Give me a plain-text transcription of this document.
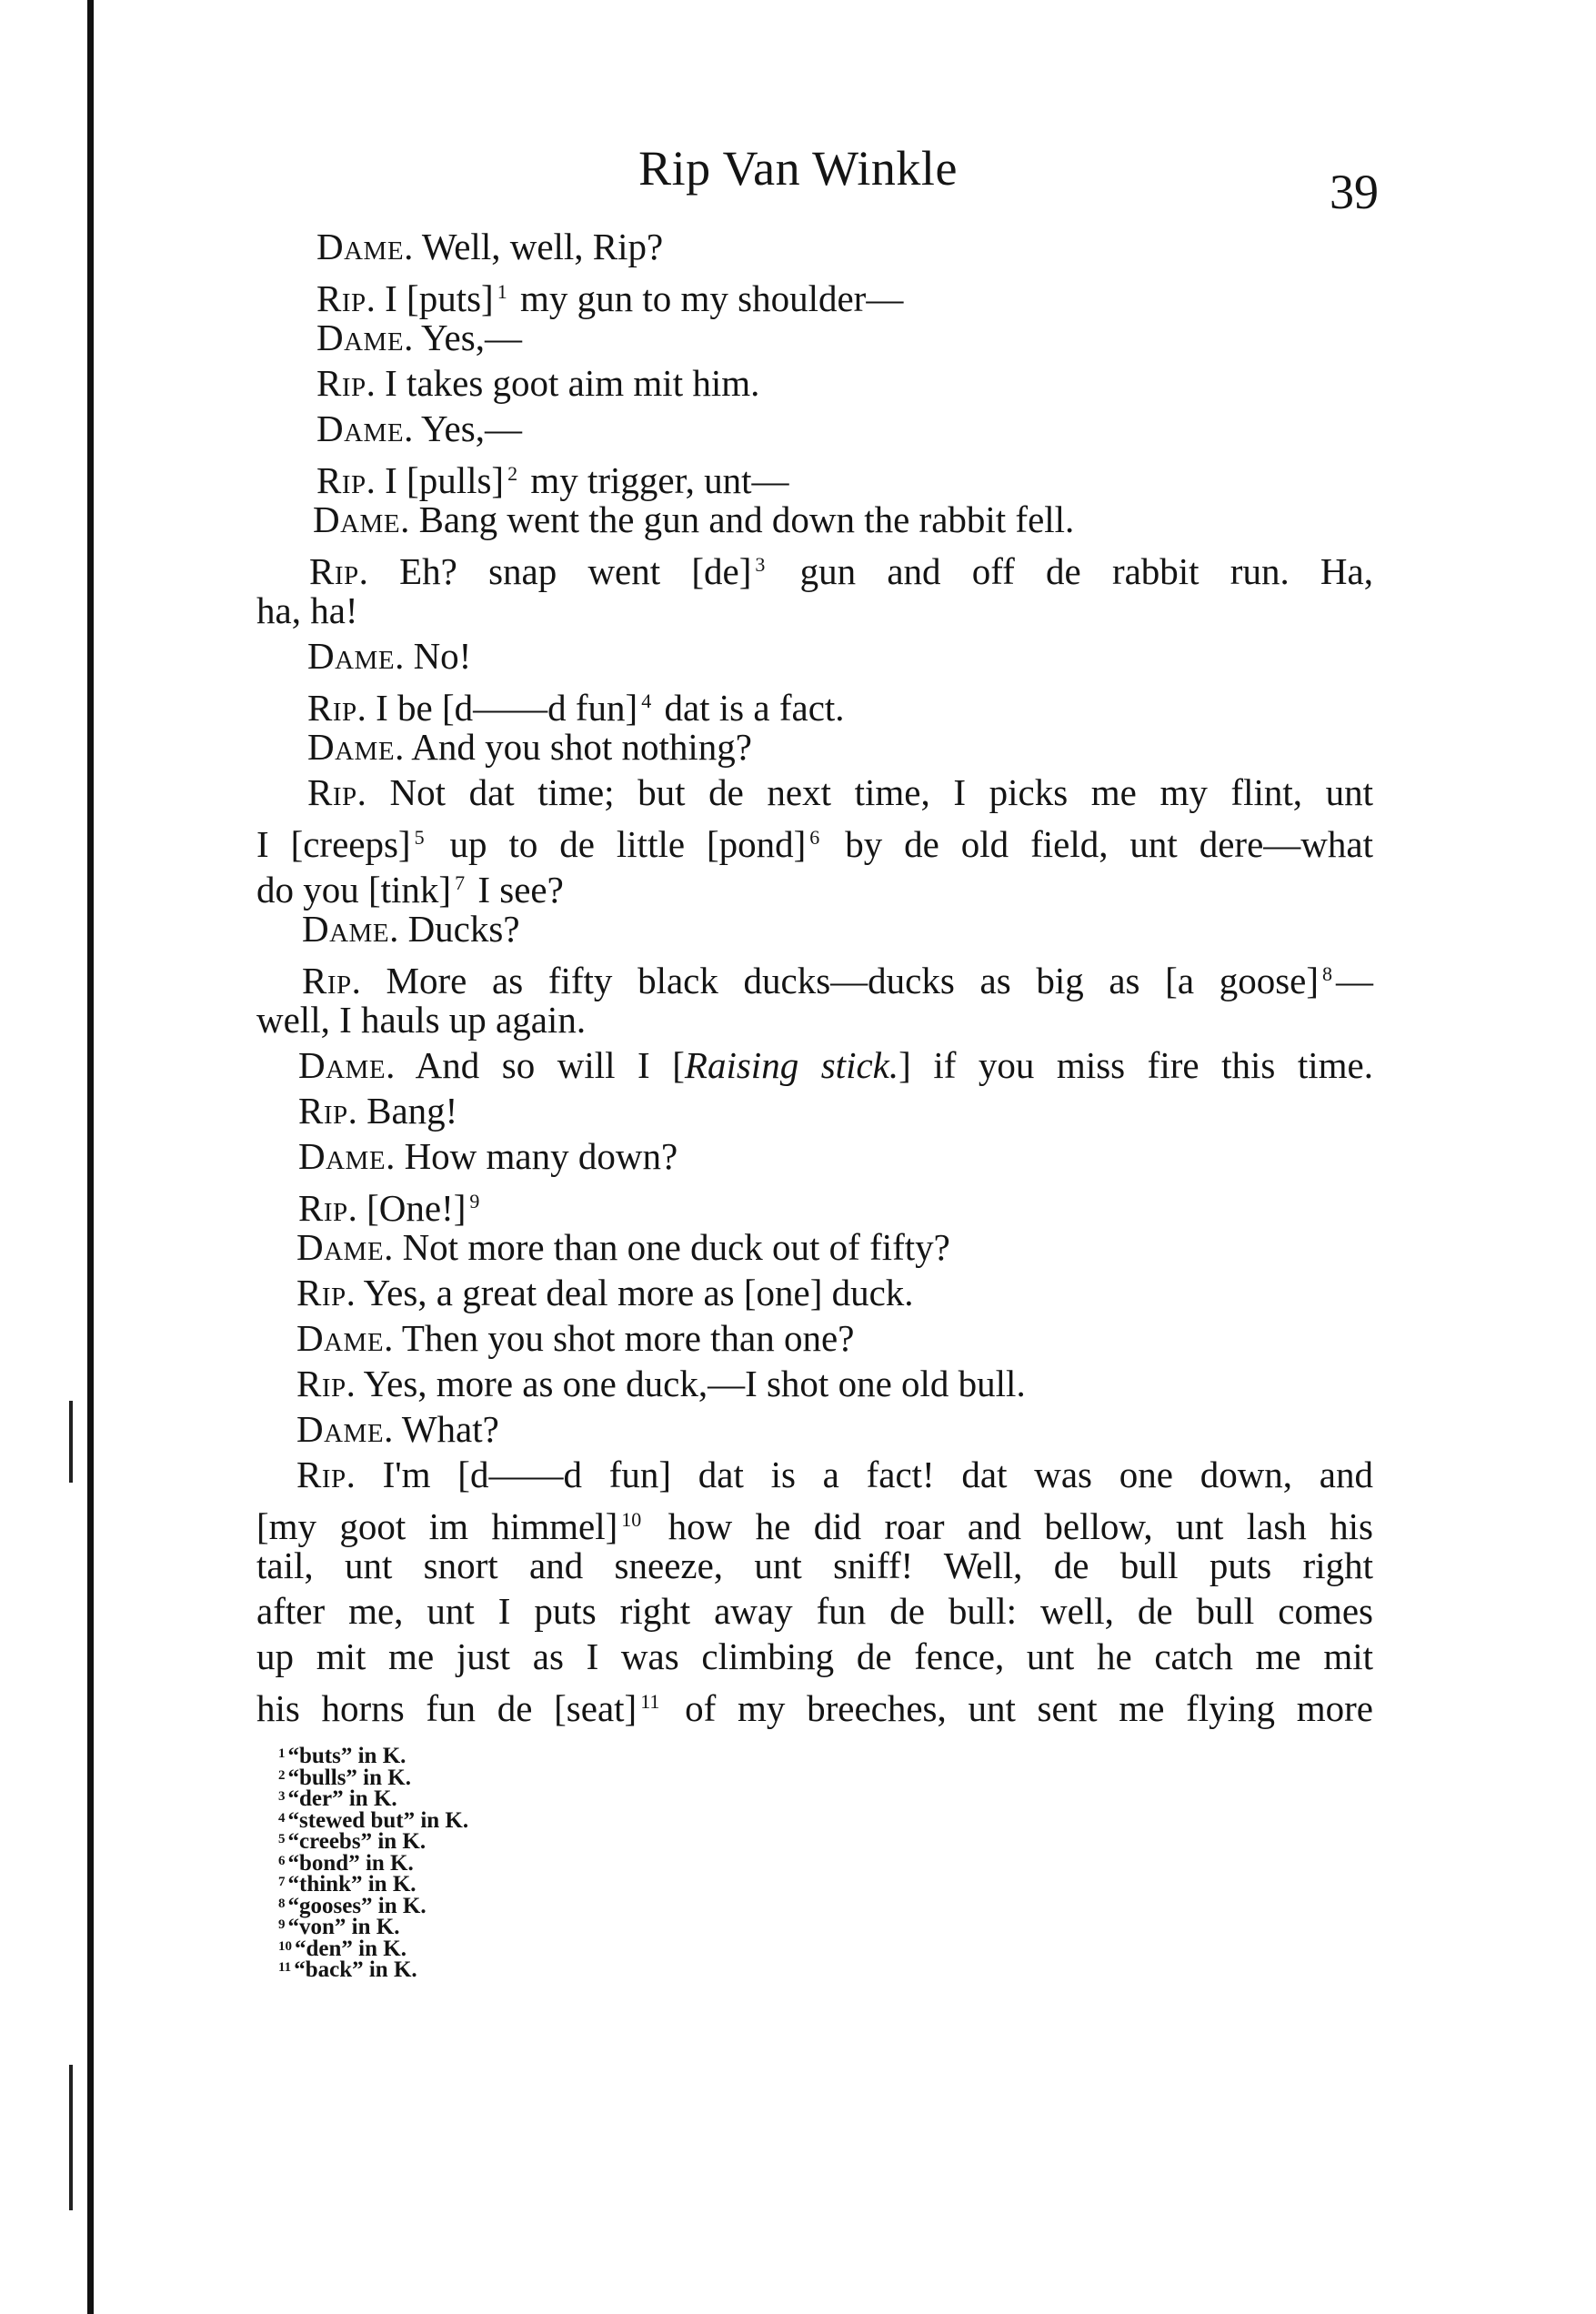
Rip Van Winkle	39
Dame. Well, well, Rip?
Rip. I [puts] $^1$ my gun to my shoulder—
Dame. Yes,—
Rip. I takes goot aim mit him.
Dame. Yes,—
Rip. I [pulls] $^2$ my trigger, unt—
Dame. Bang went the gun and down the rabbit fell.
Rip. Eh? snap went [de] $^3$ gun and off de rabbit run. Ha,
ha, ha!
Dame. No!
Rip. I be [d——d fun] $^4$ dat is a fact.
Dame. And you shot nothing?
Rip. Not dat time; but de next time, I picks me my flint, unt
I [creeps] $^5$ up to de little [pond] $^6$ by de old field, unt dere—what
do you [tink] $^7$ I see?
Dame. Ducks?
Rip. More as fifty black ducks—ducks as big as [a goose] $^8$—
well, I hauls up again.
Dame. And so will I [Raising stick.] if you miss fire this time.
Rip. Bang!
Dame. How many down?
Rip. [One!] $^9$
Dame. Not more than one duck out of fifty?
Rip. Yes, a great deal more as [one] duck.
Dame. Then you shot more than one?
Rip. Yes, more as one duck,—I shot one old bull.
Dame. What?
Rip. I'm [d——d fun] dat is a fact! dat was one down, and
[my goot im himmel] $^{10}$ how he did roar and bellow, unt lash his
tail, unt snort and sneeze, unt sniff! Well, de bull puts right
after me, unt I puts right away fun de bull: well, de bull comes
up mit me just as I was climbing de fence, unt he catch me mit
his horns fun de [seat] $^{11}$ of my breeches, unt sent me flying more
$^1$ “buts” in K.
$^2$ “bulls” in K.
$^3$ “der” in K.
$^4$ “stewed but” in K.
$^5$ “creebs” in K.
$^6$ “bond” in K.
$^7$ “think” in K.
$^8$ “gooses” in K.
$^9$ “von” in K.
$^{10}$ “den” in K.
$^{11}$ “back” in K.
